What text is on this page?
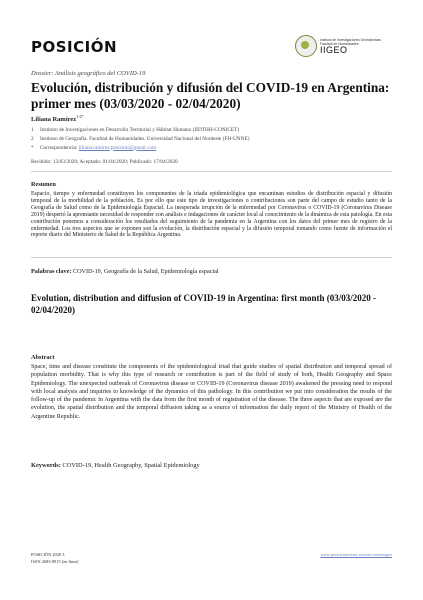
POSICIÓN	Instituto de Investigaciones Geohistóricas
Facultad de Humanidades
IIGEO
Dossier: Análisis geográfico del COVID-19
Evolución, distribución y difusión del COVID-19 en Argentina: primer mes (03/03/2020 - 02/04/2020)
Liliana Ramírez$^{1-2*}$
1 Instituto de Investigaciones en Desarrollo Territorial y Hábitat Humano (IIDTHH-CONICET)
2 Instituto de Geografía. Facultad de Humanidades. Universidad Nacional del Nordeste (FH-UNNE)
* Correspondencia: liliana.ramirez.posicion@gmail.com
Recibido: 13/03/2020; Aceptado: 01/04/2020; Publicado: 17/04/2020
Resumen

Espacio, tiempo y enfermedad constituyen los componentes de la tríada epidemiológica que encaminan estudios de distribución espacial y difusión temporal de la morbilidad de la población. Es por ello que este tipo de investigaciones o contribuciones son parte del campo de estudio tanto de la Geografía de Salud como de la Epidemiología Espacial. La inesperada irrupción de la enfermedad por Coronavirus o COVID-19 (Coronavirus Disease 2019) despertó la apremiante necesidad de responder con análisis e indagaciones de carácter local al conocimiento de la dinámica de esta patología. En esta contribución ponemos a consideración los resultados del seguimiento de la pandemia en la Argentina con los datos del primer mes de registro de la enfermedad. Los tres aspectos que se exponen son la evolución, la distribución espacial y la difusión temporal tomando como fuente de información el reporte diario del Ministerio de Salud de la República Argentina.

Palabras clave: COVID-19, Geografía de la Salud, Epidemiología espacial
Evolution, distribution and diffusion of COVID-19 in Argentina: first month (03/03/2020 - 02/04/2020)
Abstract

Space, time and disease constitute the components of the epidemiological triad that guide studies of spatial distribution and temporal spread of population morbidity. That is why this type of research or contribution is part of the field of study of both, Health Geography and Space Epidemiology. The unexpected outbreak of Coronavirus disease or COVID-19 (Coronavirus disease 2019) awakened the pressing need to respond with local analysis and inquiries to knowledge of the dynamics of this pathology. In this contribution we put into consideration the results of the follow-up of the pandemic in Argentina with the data from the first month of registration of the disease. The three aspects that are exposed are the evolution, the spatial distribution and the temporal diffusion taking as a source of information the daily report of the Ministry of Health of the Argentine Republic.

Keywords: COVID-19, Health Geography, Spatial Epidemiology
POSICIÓN 2020 3
ISSN 2683-8915 [en línea]
www.posicionrevista.wixsite.com/inigeo
